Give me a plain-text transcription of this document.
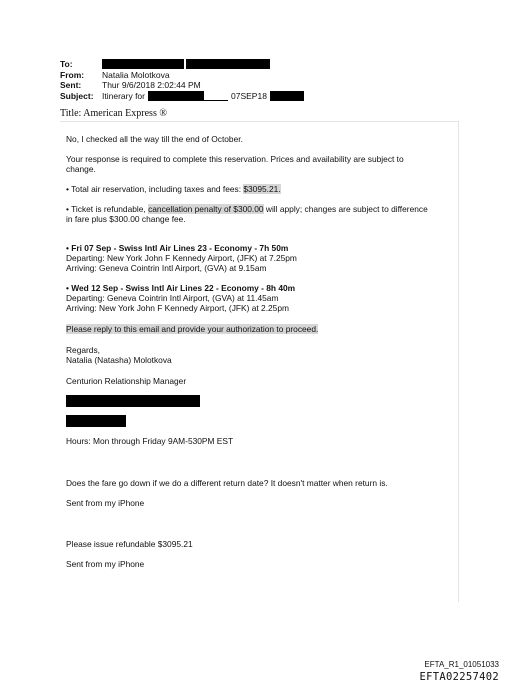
To:
From:	Natalia Molotkova
Sent:	Thur 9/6/2018 2:02:44 PM
Subject: Itinerary for	07SEP18
Title: American Express ®
No, I checked all the way till the end of October.
Your response is required to complete this reservation. Prices and availability are subject to
change.
• Total air reservation, including taxes and fees: $3095.21.
• Ticket is refundable, cancellation penalty of $300.00 will apply; changes are subject to difference
in fare plus $300.00 change fee.
• Fri 07 Sep - Swiss Intl Air Lines 23 - Economy - 7h 50m
Departing: New York John F Kennedy Airport, (JFK) at 7.25pm
Arriving: Geneva Cointrin Intl Airport, (GVA) at 9.15am
• Wed 12 Sep - Swiss Intl Air Lines 22 - Economy - 8h 40m
Departing: Geneva Cointrin Intl Airport, (GVA) at 11.45am
Arriving: New York John F Kennedy Airport, (JFK) at 2.25pm
Please reply to this email and provide your authorization to proceed.
Regards,
Natalia (Natasha) Molotkova
Centurion Relationship Manager
Hours: Mon through Friday 9AM-530PM EST
Does the fare go down if we do a different return date? It doesn't matter when return is.
Sent from my iPhone
Please issue refundable $3095.21
Sent from my iPhone
EFTA_R1_01051033
EFTA02257402
